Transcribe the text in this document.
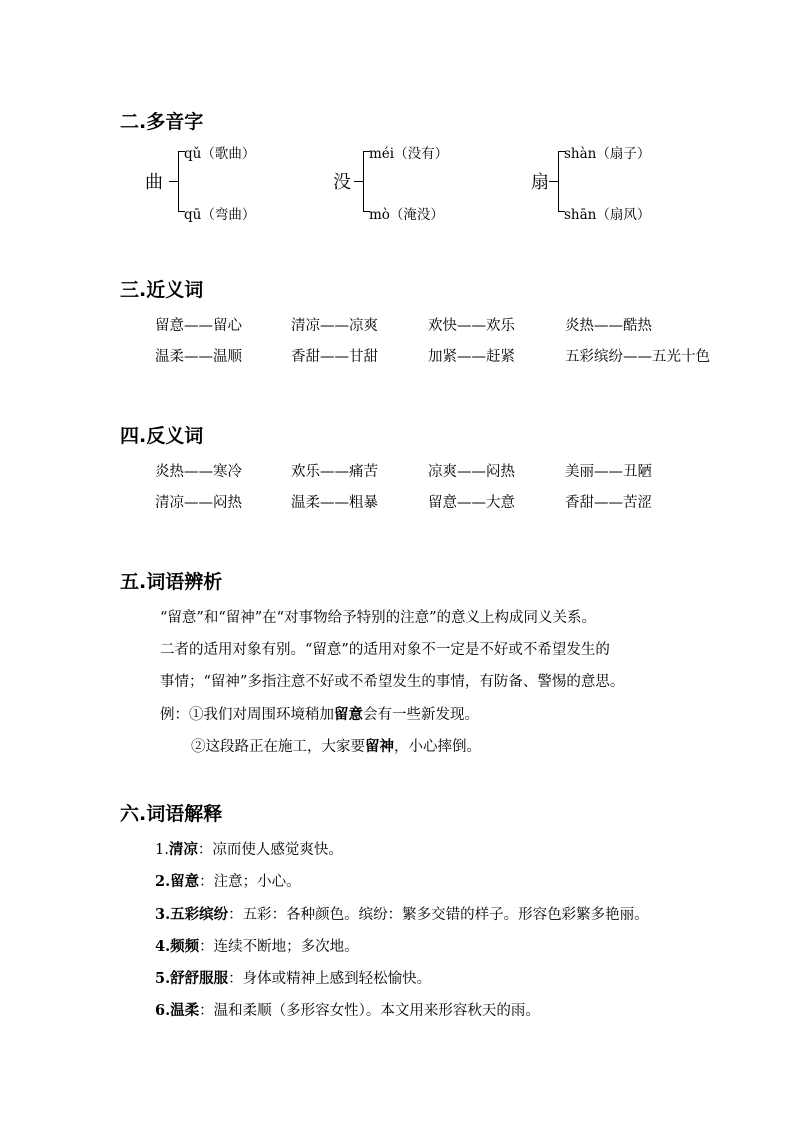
二.多音字
曲
qǔ（歌曲）
qū（弯曲）
没
méi（没有）
mò（淹没）
扇
shàn（扇子）
shān（扇风）
三.近义词
留意——留心	清凉——凉爽	欢快——欢乐	炎热——酷热
温柔——温顺	香甜——甘甜	加紧——赶紧	五彩缤纷——五光十色
四.反义词
炎热——寒冷	欢乐——痛苦	凉爽——闷热	美丽——丑陋
清凉——闷热	温柔——粗暴	留意——大意	香甜——苦涩
五.词语辨析
“留意”和“留神”在“对事物给予特别的注意”的意义上构成同义关系。
二者的适用对象有别。“留意”的适用对象不一定是不好或不希望发生的
事情；“留神”多指注意不好或不希望发生的事情，有防备、警惕的意思。
例：①我们对周围环境稍加留意会有一些新发现。
②这段路正在施工，大家要留神，小心摔倒。
六.词语解释
1.清凉：凉而使人感觉爽快。
2.留意：注意；小心。
3.五彩缤纷：五彩：各种颜色。缤纷：繁多交错的样子。形容色彩繁多艳丽。
4.频频：连续不断地；多次地。
5.舒舒服服：身体或精神上感到轻松愉快。
6.温柔：温和柔顺（多形容女性）。本文用来形容秋天的雨。
